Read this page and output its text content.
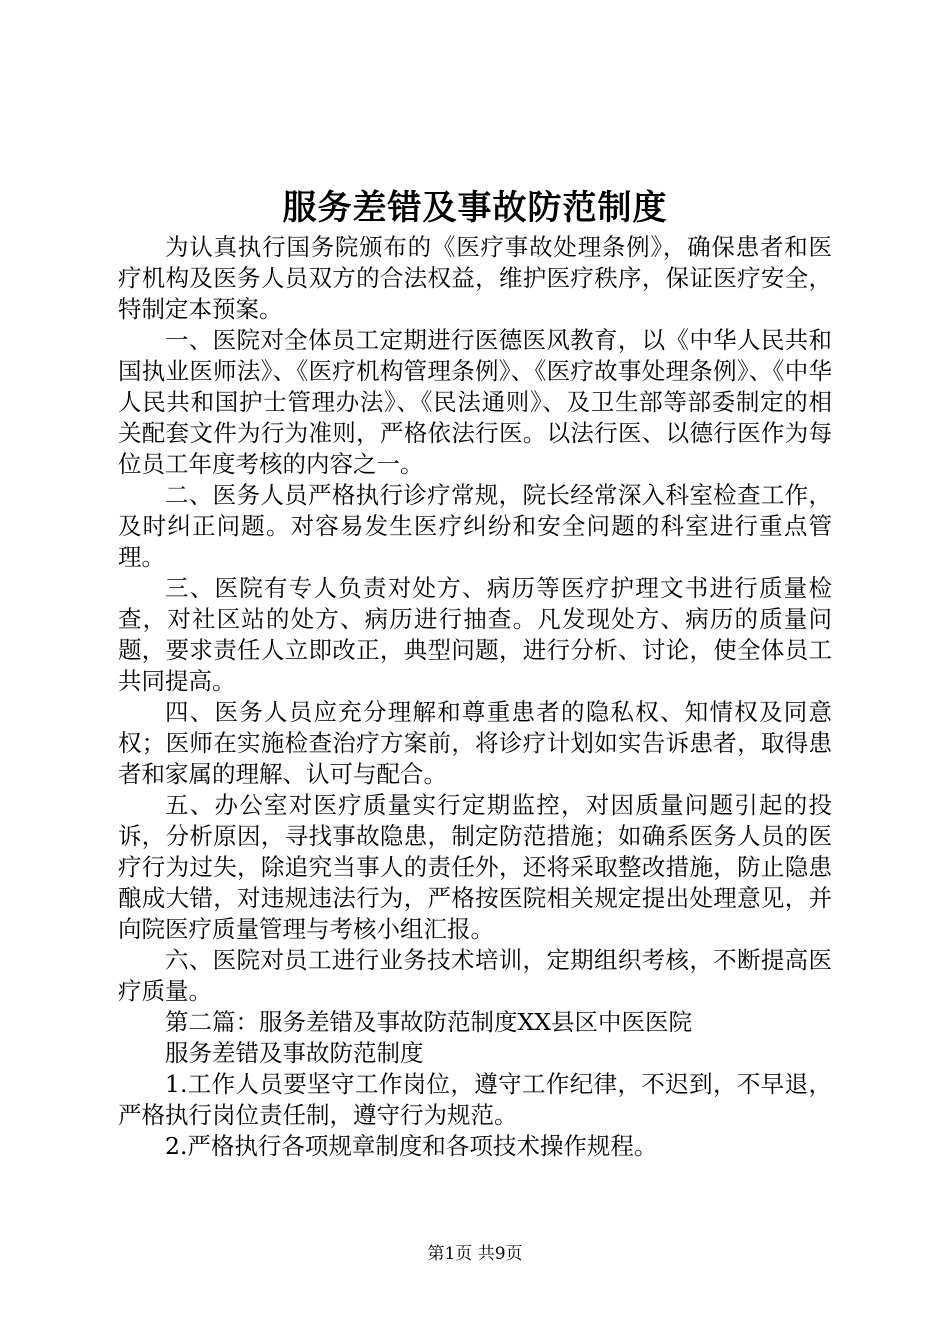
服务差错及事故防范制度

为认真执行国务院颁布的《医疗事故处理条例》，确保患者和医疗机构及医务人员双方的合法权益，维护医疗秩序，保证医疗安全，特制定本预案。

一、医院对全体员工定期进行医德医风教育，以《中华人民共和国执业医师法》、《医疗机构管理条例》、《医疗故事处理条例》、《中华人民共和国护士管理办法》、《民法通则》、及卫生部等部委制定的相关配套文件为行为准则，严格依法行医。以法行医、以德行医作为每位员工年度考核的内容之一。

二、医务人员严格执行诊疗常规，院长经常深入科室检查工作，及时纠正问题。对容易发生医疗纠纷和安全问题的科室进行重点管理。

三、医院有专人负责对处方、病历等医疗护理文书进行质量检查，对社区站的处方、病历进行抽查。凡发现处方、病历的质量问题，要求责任人立即改正，典型问题，进行分析、讨论，使全体员工共同提高。

四、医务人员应充分理解和尊重患者的隐私权、知情权及同意权；医师在实施检查治疗方案前，将诊疗计划如实告诉患者，取得患者和家属的理解、认可与配合。

五、办公室对医疗质量实行定期监控，对因质量问题引起的投诉，分析原因，寻找事故隐患，制定防范措施；如确系医务人员的医疗行为过失，除追究当事人的责任外，还将采取整改措施，防止隐患酿成大错，对违规违法行为，严格按医院相关规定提出处理意见，并向院医疗质量管理与考核小组汇报。

六、医院对员工进行业务技术培训，定期组织考核，不断提高医疗质量。

第二篇：服务差错及事故防范制度XX县区中医医院

服务差错及事故防范制度

1.工作人员要坚守工作岗位，遵守工作纪律，不迟到，不早退，严格执行岗位责任制，遵守行为规范。

2.严格执行各项规章制度和各项技术操作规程。

第1页 共9页
